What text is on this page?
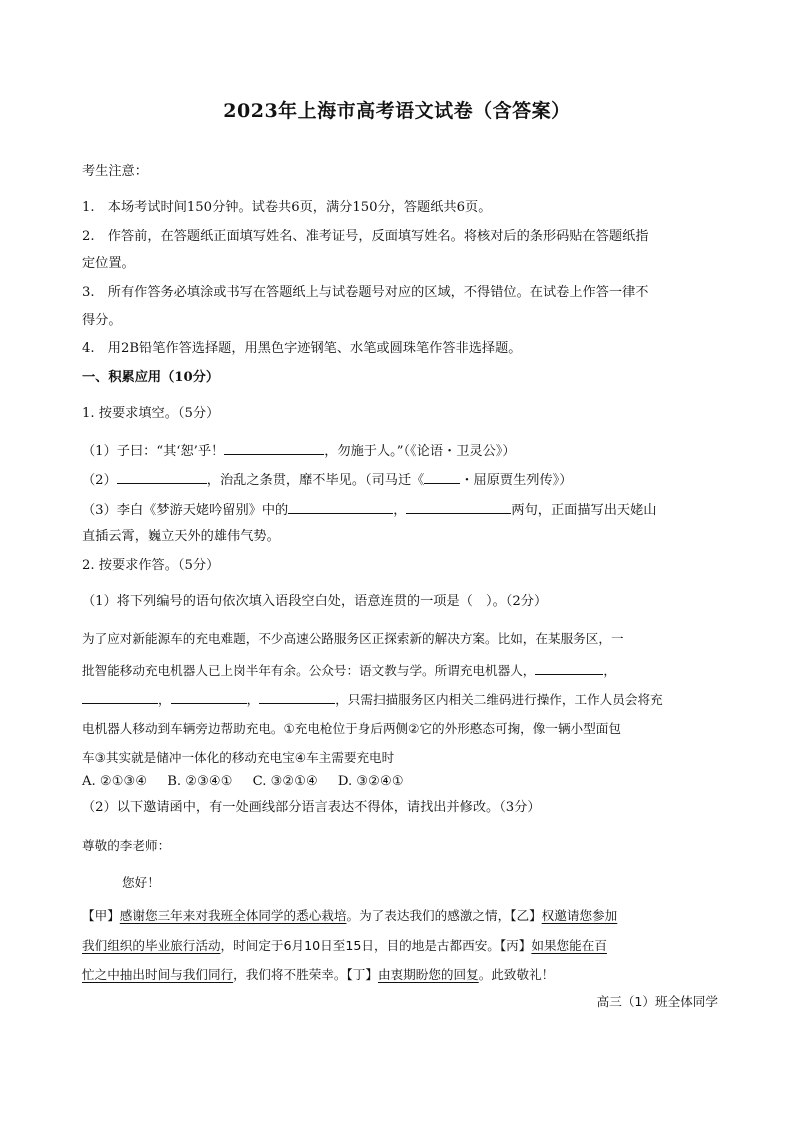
2023年上海市高考语文试卷（含答案）
考生注意：
1.　本场考试时间150分钟。试卷共6页，满分150分，答题纸共6页。
2.　作答前，在答题纸正面填写姓名、准考证号，反面填写姓名。将核对后的条形码贴在答题纸指
定位置。
3.　所有作答务必填涂或书写在答题纸上与试卷题号对应的区域，不得错位。在试卷上作答一律不
得分。
4.　用2B铅笔作答选择题，用黑色字迹钢笔、水笔或圆珠笔作答非选择题。
一、积累应用（10分）
1. 按要求填空。（5分）
（1）子曰：“其‘恕’乎！	，勿施于人。”（《论语・卫灵公》）
（2）	，治乱之条贯，靡不毕见。（司马迁《	・屈原贾生列传》）
（3）李白《梦游天姥吟留别》中的	，	两句，正面描写出天姥山
直插云霄，巍立天外的雄伟气势。
2. 按要求作答。（5分）
（1）将下列编号的语句依次填入语段空白处，语意连贯的一项是（　）。（2分）
为了应对新能源车的充电难题，不少高速公路服务区正探索新的解决方案。比如，在某服务区，一
批智能移动充电机器人已上岗半年有余。公众号：语文教与学。所谓充电机器人，	，
，	，	，只需扫描服务区内相关二维码进行操作，工作人员会将充
电机器人移动到车辆旁边帮助充电。①充电枪位于身后两侧②它的外形憨态可掬，像一辆小型面包
车③其实就是储冲一体化的移动充电宝④车主需要充电时
A. ②①③④ B. ②③④① C. ③②①④ D. ③②④①
（2）以下邀请函中，有一处画线部分语言表达不得体，请找出并修改。（3分）
尊敬的李老师：
您好！
【甲】感谢您三年来对我班全体同学的悉心栽培。为了表达我们的感激之情，【乙】权邀请您参加
我们组织的毕业旅行活动，时间定于6月10日至15日，目的地是古都西安。【丙】如果您能在百
忙之中抽出时间与我们同行，我们将不胜荣幸。【丁】由衷期盼您的回复。此致敬礼！
高三（1）班全体同学
